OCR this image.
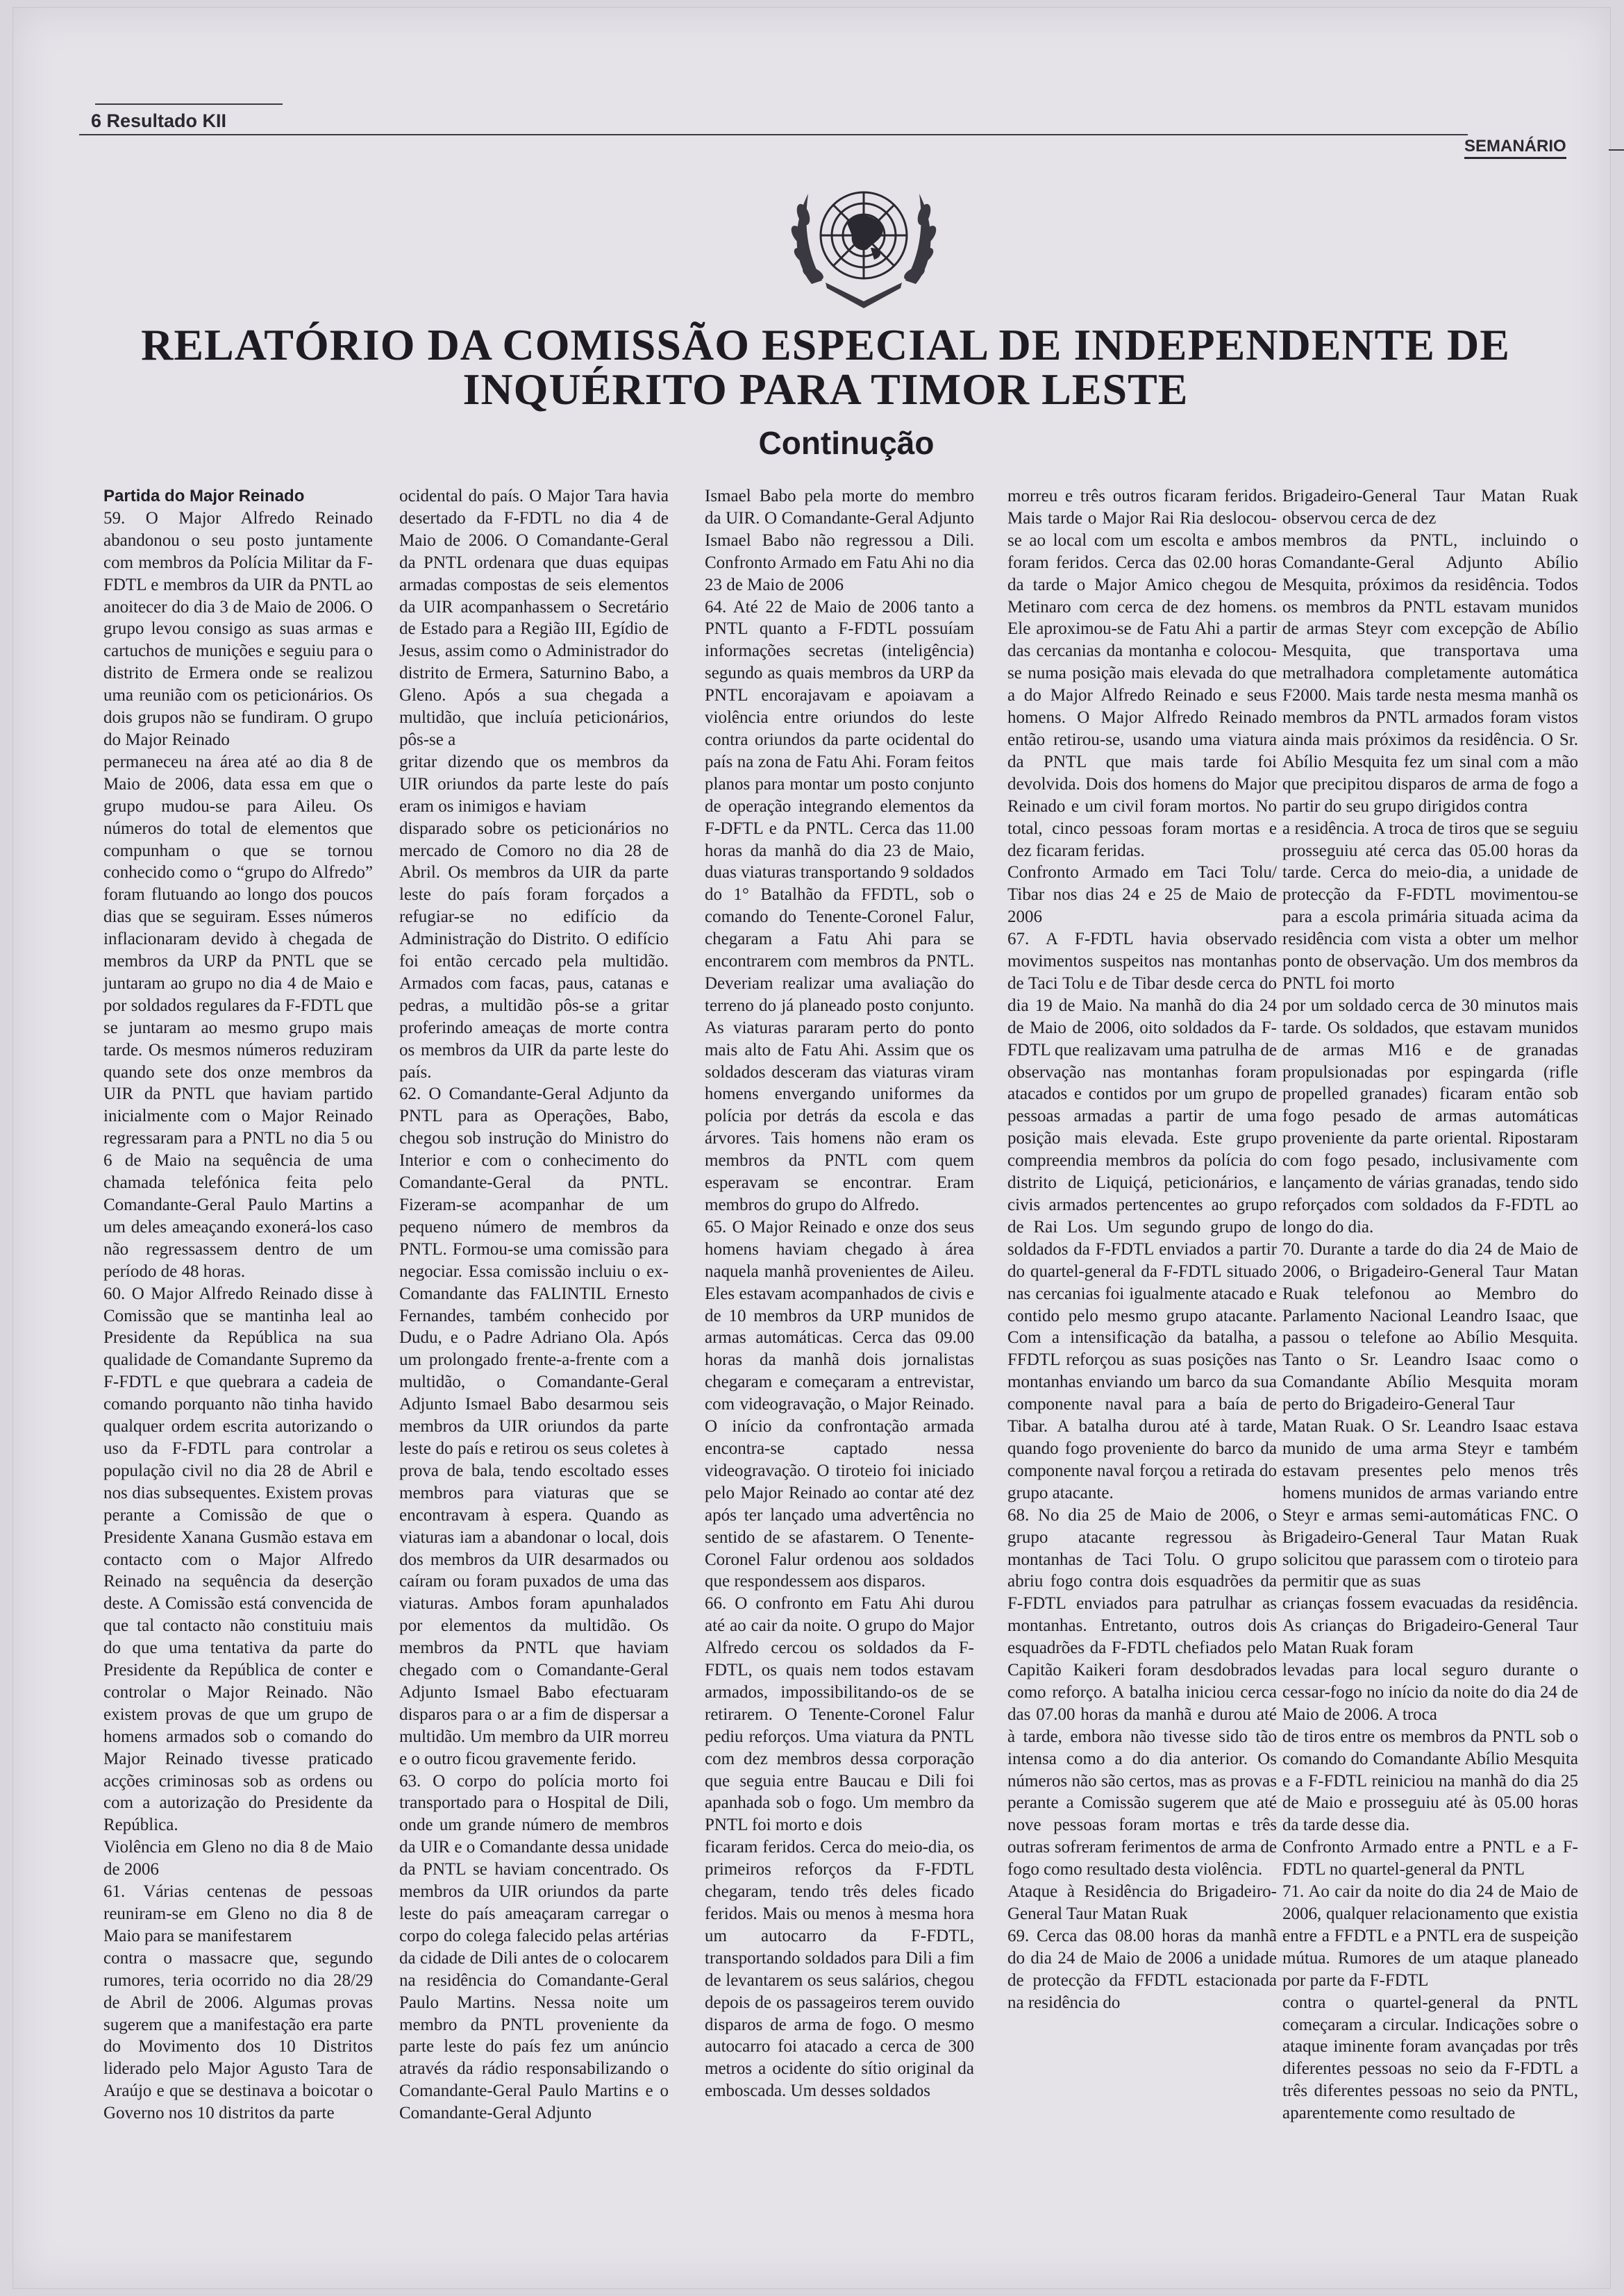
6 Resultado KII
SEMANÁRIO
RELATÓRIO DA COMISSÃO ESPECIAL DE INDEPENDENTE DE INQUÉRITO PARA TIMOR LESTE
Continução

Partida do Major Reinado

59. O Major Alfredo Reinado abandonou o seu posto juntamente com membros da Polícia Militar da F-FDTL e membros da UIR da PNTL ao anoitecer do dia 3 de Maio de 2006. O grupo levou consigo as suas armas e cartuchos de munições e seguiu para o distrito de Ermera onde se realizou uma reunião com os peticionários. Os dois grupos não se fundiram. O grupo do Major Reinado

permaneceu na área até ao dia 8 de Maio de 2006, data essa em que o grupo mudou-se para Aileu. Os números do total de elementos que compunham o que se tornou conhecido como o “grupo do Alfredo” foram flutuando ao longo dos poucos dias que se seguiram. Esses números inflacionaram devido à chegada de membros da URP da PNTL que se juntaram ao grupo no dia 4 de Maio e por soldados regulares da F-FDTL que se juntaram ao mesmo grupo mais tarde. Os mesmos números reduziram quando sete dos onze membros da UIR da PNTL que haviam partido inicialmente com o Major Reinado regressaram para a PNTL no dia 5 ou 6 de Maio na sequência de uma chamada telefónica feita pelo Comandante-Geral Paulo Martins a um deles ameaçando exonerá-los caso não regressassem dentro de um período de 48 horas.

60. O Major Alfredo Reinado disse à Comissão que se mantinha leal ao Presidente da República na sua qualidade de Comandante Supremo da F-FDTL e que quebrara a cadeia de comando porquanto não tinha havido qualquer ordem escrita autorizando o uso da F-FDTL para controlar a população civil no dia 28 de Abril e nos dias subsequentes. Existem provas perante a Comissão de que o Presidente Xanana Gusmão estava em contacto com o Major Alfredo Reinado na sequência da deserção deste. A Comissão está convencida de que tal contacto não constituiu mais do que uma tentativa da parte do Presidente da República de conter e controlar o Major Reinado. Não existem provas de que um grupo de homens armados sob o comando do Major Reinado tivesse praticado acções criminosas sob as ordens ou com a autorização do Presidente da República.

Violência em Gleno no dia 8 de Maio de 2006

61. Várias centenas de pessoas reuniram-se em Gleno no dia 8 de Maio para se manifestarem

contra o massacre que, segundo rumores, teria ocorrido no dia 28/29 de Abril de 2006. Algumas provas sugerem que a manifestação era parte do Movimento dos 10 Distritos liderado pelo Major Agusto Tara de Araújo e que se destinava a boicotar o Governo nos 10 distritos da parte

ocidental do país. O Major Tara havia desertado da F-FDTL no dia 4 de Maio de 2006. O Comandante-Geral da PNTL ordenara que duas equipas armadas compostas de seis elementos da UIR acompanhassem o Secretário de Estado para a Região III, Egídio de Jesus, assim como o Administrador do distrito de Ermera, Saturnino Babo, a Gleno. Após a sua chegada a multidão, que incluía peticionários, pôs-se a

gritar dizendo que os membros da UIR oriundos da parte leste do país eram os inimigos e haviam

disparado sobre os peticionários no mercado de Comoro no dia 28 de Abril. Os membros da UIR da parte leste do país foram forçados a refugiar-se no edifício da Administração do Distrito. O edifício foi então cercado pela multidão. Armados com facas, paus, catanas e pedras, a multidão pôs-se a gritar proferindo ameaças de morte contra os membros da UIR da parte leste do país.

62. O Comandante-Geral Adjunto da PNTL para as Operações, Babo, chegou sob instrução do Ministro do Interior e com o conhecimento do Comandante-Geral da PNTL. Fizeram-se acompanhar de um pequeno número de membros da PNTL. Formou-se uma comissão para negociar. Essa comissão incluiu o ex-Comandante das FALINTIL Ernesto Fernandes, também conhecido por Dudu, e o Padre Adriano Ola. Após um prolongado frente-a-frente com a multidão, o Comandante-Geral Adjunto Ismael Babo desarmou seis membros da UIR oriundos da parte leste do país e retirou os seus coletes à prova de bala, tendo escoltado esses membros para viaturas que se encontravam à espera. Quando as viaturas iam a abandonar o local, dois dos membros da UIR desarmados ou caíram ou foram puxados de uma das viaturas. Ambos foram apunhalados por elementos da multidão. Os membros da PNTL que haviam chegado com o Comandante-Geral Adjunto Ismael Babo efectuaram disparos para o ar a fim de dispersar a multidão. Um membro da UIR morreu e o outro ficou gravemente ferido.

63. O corpo do polícia morto foi transportado para o Hospital de Dili, onde um grande número de membros da UIR e o Comandante dessa unidade da PNTL se haviam concentrado. Os membros da UIR oriundos da parte leste do país ameaçaram carregar o corpo do colega falecido pelas artérias da cidade de Dili antes de o colocarem na residência do Comandante-Geral Paulo Martins. Nessa noite um membro da PNTL proveniente da parte leste do país fez um anúncio através da rádio responsabilizando o Comandante-Geral Paulo Martins e o Comandante-Geral Adjunto

Ismael Babo pela morte do membro da UIR. O Comandante-Geral Adjunto Ismael Babo não regressou a Dili. Confronto Armado em Fatu Ahi no dia 23 de Maio de 2006

64. Até 22 de Maio de 2006 tanto a PNTL quanto a F-FDTL possuíam informações secretas (inteligência) segundo as quais membros da URP da PNTL encorajavam e apoiavam a violência entre oriundos do leste contra oriundos da parte ocidental do país na zona de Fatu Ahi. Foram feitos planos para montar um posto conjunto de operação integrando elementos da F-DFTL e da PNTL. Cerca das 11.00 horas da manhã do dia 23 de Maio, duas viaturas transportando 9 soldados do 1° Batalhão da FFDTL, sob o comando do Tenente-Coronel Falur, chegaram a Fatu Ahi para se encontrarem com membros da PNTL. Deveriam realizar uma avaliação do terreno do já planeado posto conjunto. As viaturas pararam perto do ponto mais alto de Fatu Ahi. Assim que os soldados desceram das viaturas viram homens envergando uniformes da polícia por detrás da escola e das árvores. Tais homens não eram os membros da PNTL com quem esperavam se encontrar. Eram membros do grupo do Alfredo.

65. O Major Reinado e onze dos seus homens haviam chegado à área naquela manhã provenientes de Aileu. Eles estavam acompanhados de civis e de 10 membros da URP munidos de armas automáticas. Cerca das 09.00 horas da manhã dois jornalistas chegaram e começaram a entrevistar, com videogravação, o Major Reinado. O início da confrontação armada encontra-se captado nessa videogravação. O tiroteio foi iniciado pelo Major Reinado ao contar até dez após ter lançado uma advertência no sentido de se afastarem. O Tenente-Coronel Falur ordenou aos soldados que respondessem aos disparos.

66. O confronto em Fatu Ahi durou até ao cair da noite. O grupo do Major Alfredo cercou os soldados da F-FDTL, os quais nem todos estavam armados, impossibilitando-os de se retirarem. O Tenente-Coronel Falur pediu reforços. Uma viatura da PNTL com dez membros dessa corporação que seguia entre Baucau e Dili foi apanhada sob o fogo. Um membro da PNTL foi morto e dois

ficaram feridos. Cerca do meio-dia, os primeiros reforços da F-FDTL chegaram, tendo três deles ficado feridos. Mais ou menos à mesma hora um autocarro da F-FDTL, transportando soldados para Dili a fim de levantarem os seus salários, chegou depois de os passageiros terem ouvido disparos de arma de fogo. O mesmo autocarro foi atacado a cerca de 300 metros a ocidente do sítio original da emboscada. Um desses soldados

morreu e três outros ficaram feridos. Mais tarde o Major Rai Ria deslocou-se ao local com um escolta e ambos foram feridos. Cerca das 02.00 horas da tarde o Major Amico chegou de Metinaro com cerca de dez homens. Ele aproximou-se de Fatu Ahi a partir das cercanias da montanha e colocou-se numa posição mais elevada do que a do Major Alfredo Reinado e seus homens. O Major Alfredo Reinado então retirou-se, usando uma viatura da PNTL que mais tarde foi devolvida. Dois dos homens do Major Reinado e um civil foram mortos. No total, cinco pessoas foram mortas e dez ficaram feridas.

Confronto Armado em Taci Tolu/ Tibar nos dias 24 e 25 de Maio de 2006

67. A F-FDTL havia observado movimentos suspeitos nas montanhas de Taci Tolu e de Tibar desde cerca do dia 19 de Maio. Na manhã do dia 24 de Maio de 2006, oito soldados da F-FDTL que realizavam uma patrulha de observação nas montanhas foram atacados e contidos por um grupo de pessoas armadas a partir de uma posição mais elevada. Este grupo compreendia membros da polícia do distrito de Liquiçá, peticionários, e civis armados pertencentes ao grupo de Rai Los. Um segundo grupo de soldados da F-FDTL enviados a partir do quartel-general da F-FDTL situado nas cercanias foi igualmente atacado e contido pelo mesmo grupo atacante. Com a intensificação da batalha, a FFDTL reforçou as suas posições nas montanhas enviando um barco da sua componente naval para a baía de Tibar. A batalha durou até à tarde, quando fogo proveniente do barco da componente naval forçou a retirada do grupo atacante.

68. No dia 25 de Maio de 2006, o grupo atacante regressou às montanhas de Taci Tolu. O grupo abriu fogo contra dois esquadrões da F-FDTL enviados para patrulhar as montanhas. Entretanto, outros dois esquadrões da F-FDTL chefiados pelo Capitão Kaikeri foram desdobrados como reforço. A batalha iniciou cerca das 07.00 horas da manhã e durou até à tarde, embora não tivesse sido tão intensa como a do dia anterior. Os números não são certos, mas as provas perante a Comissão sugerem que até nove pessoas foram mortas e três outras sofreram ferimentos de arma de fogo como resultado desta violência.

Ataque à Residência do Brigadeiro-General Taur Matan Ruak

69. Cerca das 08.00 horas da manhã do dia 24 de Maio de 2006 a unidade de protecção da FFDTL estacionada na residência do

Brigadeiro-General Taur Matan Ruak observou cerca de dez

membros da PNTL, incluindo o Comandante-Geral Adjunto Abílio Mesquita, próximos da residência. Todos os membros da PNTL estavam munidos de armas Steyr com excepção de Abílio Mesquita, que transportava uma metralhadora completamente automática F2000. Mais tarde nesta mesma manhã os membros da PNTL armados foram vistos ainda mais próximos da residência. O Sr. Abílio Mesquita fez um sinal com a mão que precipitou disparos de arma de fogo a partir do seu grupo dirigidos contra

a residência. A troca de tiros que se seguiu prosseguiu até cerca das 05.00 horas da tarde. Cerca do meio-dia, a unidade de protecção da F-FDTL movimentou-se para a escola primária situada acima da residência com vista a obter um melhor ponto de observação. Um dos membros da PNTL foi morto

por um soldado cerca de 30 minutos mais tarde. Os soldados, que estavam munidos de armas M16 e de granadas propulsionadas por espingarda (rifle propelled granades) ficaram então sob fogo pesado de armas automáticas proveniente da parte oriental. Ripostaram com fogo pesado, inclusivamente com lançamento de várias granadas, tendo sido reforçados com soldados da F-FDTL ao longo do dia.

70. Durante a tarde do dia 24 de Maio de 2006, o Brigadeiro-General Taur Matan Ruak telefonou ao Membro do Parlamento Nacional Leandro Isaac, que passou o telefone ao Abílio Mesquita. Tanto o Sr. Leandro Isaac como o Comandante Abílio Mesquita moram perto do Brigadeiro-General Taur

Matan Ruak. O Sr. Leandro Isaac estava munido de uma arma Steyr e também estavam presentes pelo menos três homens munidos de armas variando entre Steyr e armas semi-automáticas FNC. O Brigadeiro-General Taur Matan Ruak solicitou que parassem com o tiroteio para permitir que as suas

crianças fossem evacuadas da residência. As crianças do Brigadeiro-General Taur Matan Ruak foram

levadas para local seguro durante o cessar-fogo no início da noite do dia 24 de Maio de 2006. A troca

de tiros entre os membros da PNTL sob o comando do Comandante Abílio Mesquita e a F-FDTL reiniciou na manhã do dia 25 de Maio e prosseguiu até às 05.00 horas da tarde desse dia.

Confronto Armado entre a PNTL e a F-FDTL no quartel-general da PNTL

71. Ao cair da noite do dia 24 de Maio de 2006, qualquer relacionamento que existia entre a FFDTL e a PNTL era de suspeição mútua. Rumores de um ataque planeado por parte da F-FDTL

contra o quartel-general da PNTL começaram a circular. Indicações sobre o ataque iminente foram avançadas por três diferentes pessoas no seio da F-FDTL a três diferentes pessoas no seio da PNTL, aparentemente como resultado de
